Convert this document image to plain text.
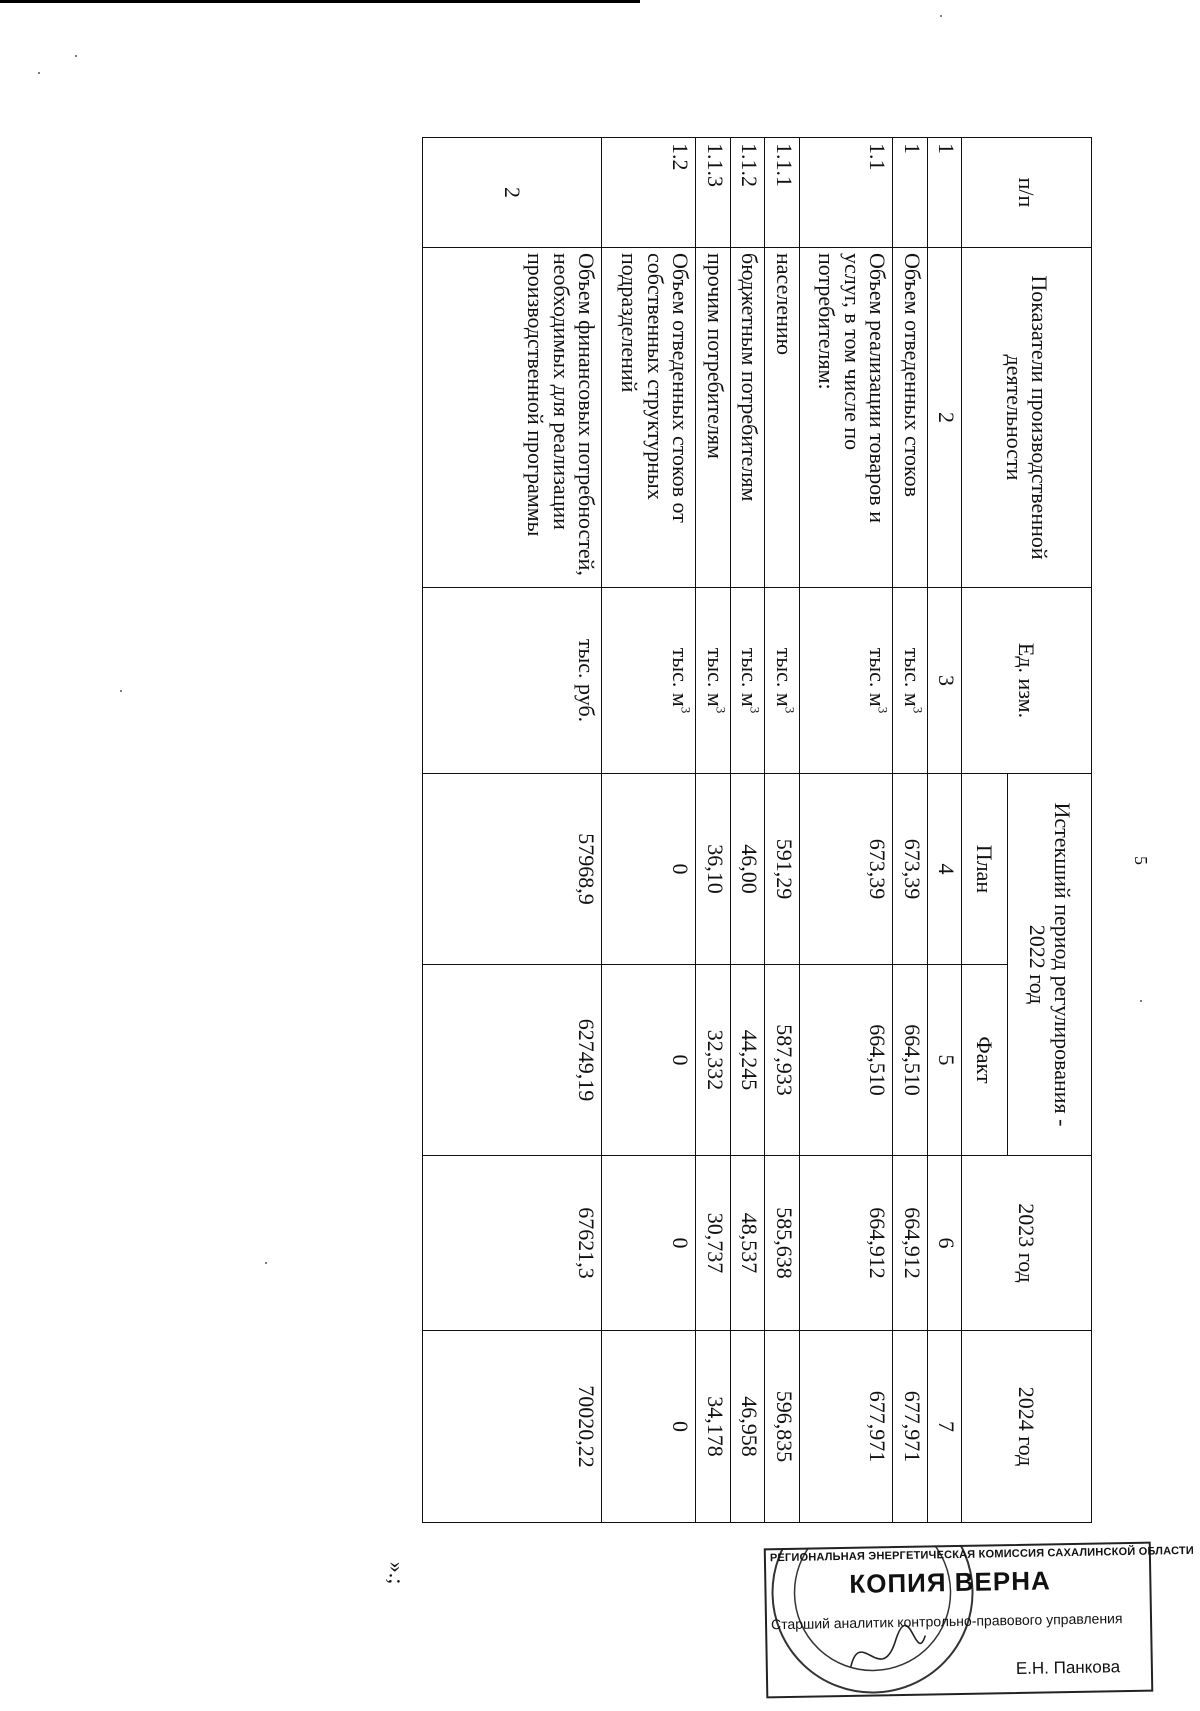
5
».;
п/п	Показатели производственной деятельности	Ед. изм.	Истекший период регулирования - 2022 год		2023 год	2024 год
			План	Факт		
1	2	3	4	5	6	7
1	Объем отведенных стоков	тыс. $м^3$	673,39	664,510	664,912	677,971
1.1	Объем реализации товаров и услуг, в том числе по потребителям:	тыс. $м^3$	673,39	664,510	664,912	677,971
1.1.1	населению	тыс. $м^3$	591,29	587,933	585,638	596,835
1.1.2	бюджетным потребителям	тыс. $м^3$	46,00	44,245	48,537	46,958
1.1.3	прочим потребителям	тыс. $м^3$	36,10	32,332	30,737	34,178
1.2	Объем отведенных стоков от собственных структурных подразделений	тыс. $м^3$	0	0	0	0
2	Объем финансовых потребностей, необходимых для реализации производственной программы	тыс. руб.	57968,9	62749,19	67621,3	70020,22
РЕГИОНАЛЬНАЯ ЭНЕРГЕТИЧЕСКАЯ КОМИССИЯ САХАЛИНСКОЙ ОБЛАСТИ
КОПИЯ ВЕРНА
Старший аналитик контрольно-правового управления
Е.Н. Панкова
